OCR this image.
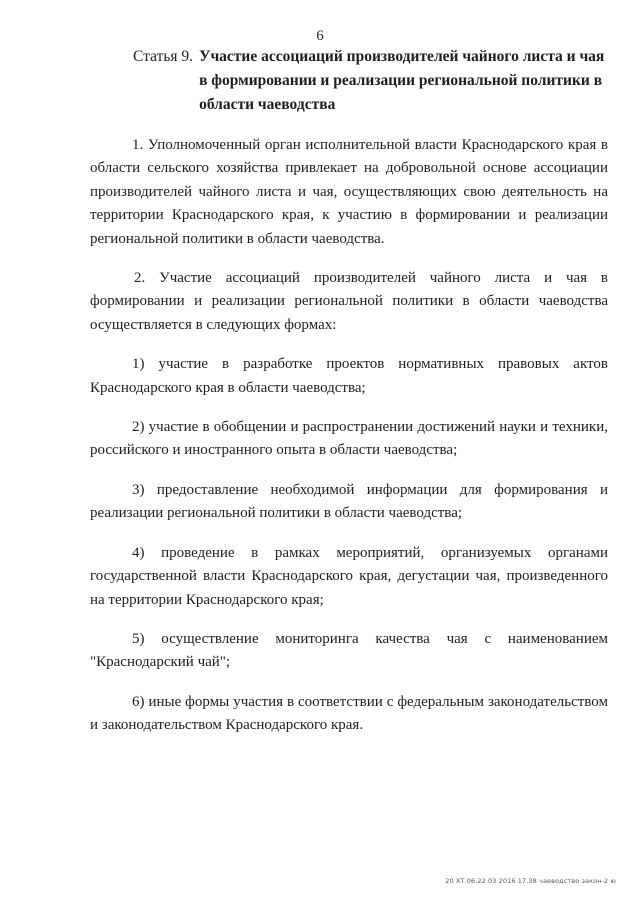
6
Статья 9. Участие ассоциаций производителей чайного листа и чая в формировании и реализации региональной политики в области чаеводства

1. Уполномоченный орган исполнительной власти Краснодарского края в области сельского хозяйства привлекает на добровольной основе ассоциации производителей чайного листа и чая, осуществляющих свою деятельность на территории Краснодарского края, к участию в формировании и реализации региональной политики в области чаеводства.

2. Участие ассоциаций производителей чайного листа и чая в формировании и реализации региональной политики в области чаеводства осуществляется в следующих формах:

1) участие в разработке проектов нормативных правовых актов Краснодарского края в области чаеводства;

2) участие в обобщении и распространении достижений науки и техники, российского и иностранного опыта в области чаеводства;

3) предоставление необходимой информации для формирования и реализации региональной политики в области чаеводства;

4) проведение в рамках мероприятий, организуемых органами государственной власти Краснодарского края, дегустации чая, произведенного на территории Краснодарского края;

5) осуществление мониторинга качества чая с наименованием "Краснодарский чай";

6) иные формы участия в соответствии с федеральным законодательством и законодательством Краснодарского края.

20 ХТ.06.22 03 2016 17.38 чаеводство закон-2 ю
